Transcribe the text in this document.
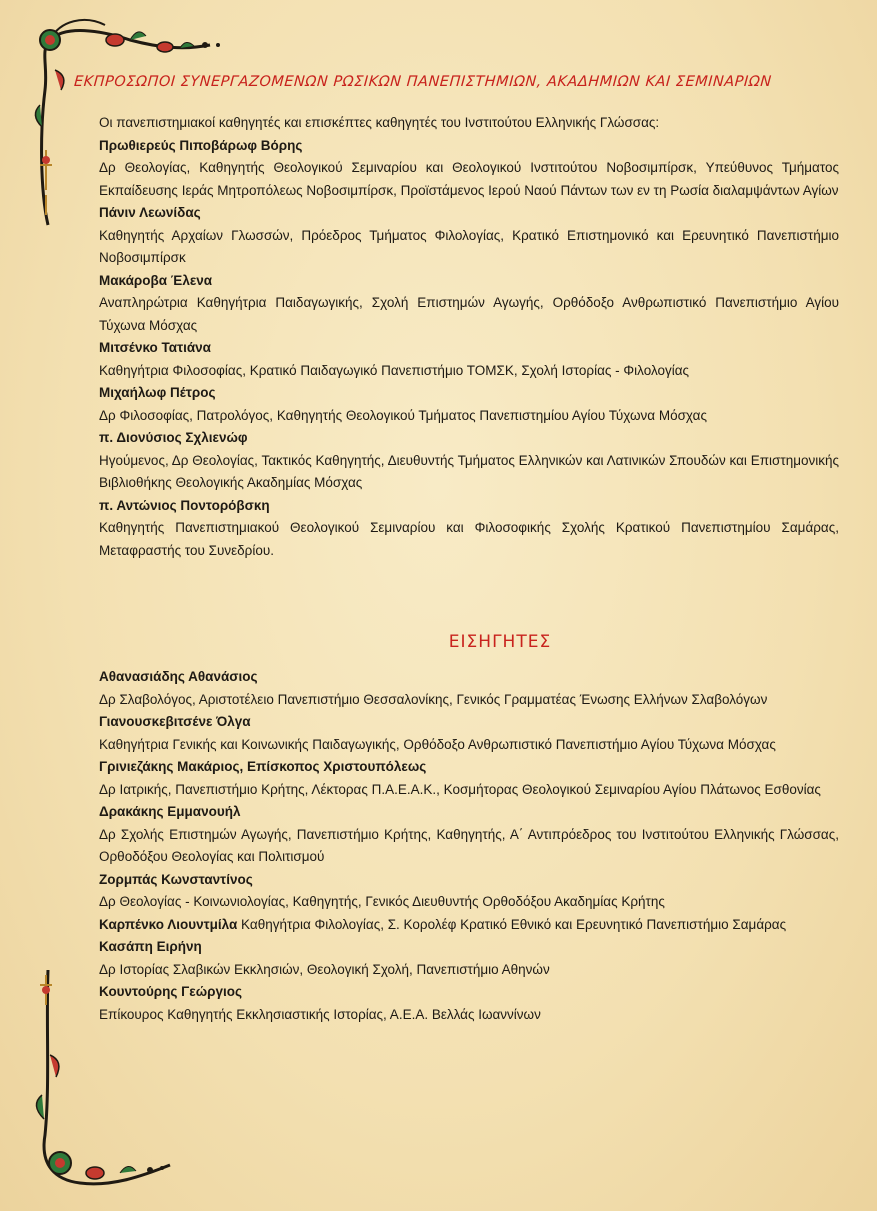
ΕΚΠΡΟΣΩΠΟΙ ΣΥΝΕΡΓΑΖΟΜΕΝΩΝ ΡΩΣΙΚΩΝ ΠΑΝΕΠΙΣΤΗΜΙΩΝ, ΑΚΑΔΗΜΙΩΝ ΚΑΙ ΣΕΜΙΝΑΡΙΩΝ
Οι πανεπιστημιακοί καθηγητές και επισκέπτες καθηγητές του Ινστιτούτου Ελληνικής Γλώσσας:
Πρωθιερεύς Πιποβάρωφ Βόρης
Δρ Θεολογίας, Καθηγητής Θεολογικού Σεμιναρίου και Θεολογικού Ινστιτούτου Νοβοσιμπίρσκ, Υπεύθυνος Τμήματος Εκπαίδευσης Ιεράς Μητροπόλεως Νοβοσιμπίρσκ, Προϊστάμενος Ιερού Ναού Πάντων των εν τη Ρωσία διαλαμψάντων Αγίων
Πάνιν Λεωνίδας
Καθηγητής Αρχαίων Γλωσσών, Πρόεδρος Τμήματος Φιλολογίας, Κρατικό Επιστημονικό και Ερευνητικό Πανεπιστήμιο Νοβοσιμπίρσκ
Μακάροβα Έλενα
Αναπληρώτρια Καθηγήτρια Παιδαγωγικής, Σχολή Επιστημών Αγωγής, Ορθόδοξο Ανθρωπιστικό Πανεπιστήμιο Αγίου Τύχωνα Μόσχας
Μιτσένκο Τατιάνα
Καθηγήτρια Φιλοσοφίας, Κρατικό Παιδαγωγικό Πανεπιστήμιο ΤΟΜΣΚ, Σχολή Ιστορίας - Φιλολογίας
Μιχαήλωφ Πέτρος
Δρ Φιλοσοφίας, Πατρολόγος, Καθηγητής Θεολογικού Τμήματος Πανεπιστημίου Αγίου Τύχωνα Μόσχας
π. Διονύσιος Σχλιενώφ
Ηγούμενος, Δρ Θεολογίας, Τακτικός Καθηγητής, Διευθυντής Τμήματος Ελληνικών και Λατινικών Σπουδών και Επιστημονικής Βιβλιοθήκης Θεολογικής Ακαδημίας Μόσχας
π. Αντώνιος Ποντορόβσκη
Καθηγητής Πανεπιστημιακού Θεολογικού Σεμιναρίου και Φιλοσοφικής Σχολής Κρατικού Πανεπιστημίου Σαμάρας, Μεταφραστής του Συνεδρίου.
ΕΙΣΗΓΗΤΕΣ
Αθανασιάδης Αθανάσιος
Δρ Σλαβολόγος, Αριστοτέλειο Πανεπιστήμιο Θεσσαλονίκης, Γενικός Γραμματέας Ένωσης Ελλήνων Σλαβολόγων
Γιανουσκεβιτσένε Όλγα
Καθηγήτρια Γενικής και Κοινωνικής Παιδαγωγικής, Ορθόδοξο Ανθρωπιστικό Πανεπιστήμιο Αγίου Τύχωνα Μόσχας
Γρινιεζάκης Μακάριος, Επίσκοπος Χριστουπόλεως
Δρ Ιατρικής, Πανεπιστήμιο Κρήτης, Λέκτορας Π.Α.Ε.Α.Κ., Κοσμήτορας Θεολογικού Σεμιναρίου Αγίου Πλάτωνος Εσθονίας
Δρακάκης Εμμανουήλ
Δρ Σχολής Επιστημών Αγωγής, Πανεπιστήμιο Κρήτης, Καθηγητής, Α΄ Αντιπρόεδρος του Ινστιτούτου Ελληνικής Γλώσσας, Ορθοδόξου Θεολογίας και Πολιτισμού
Ζορμπάς Κωνσταντίνος
Δρ Θεολογίας - Κοινωνιολογίας, Καθηγητής, Γενικός Διευθυντής Ορθοδόξου Ακαδημίας Κρήτης
Καρπένκο Λιουντμίλα Καθηγήτρια Φιλολογίας, Σ. Κορολέφ Κρατικό Εθνικό και Ερευνητικό Πανεπιστήμιο Σαμάρας
Κασάπη Ειρήνη
Δρ Ιστορίας Σλαβικών Εκκλησιών, Θεολογική Σχολή, Πανεπιστήμιο Αθηνών
Κουντούρης Γεώργιος
Επίκουρος Καθηγητής Εκκλησιαστικής Ιστορίας, Α.Ε.Α. Βελλάς Ιωαννίνων
